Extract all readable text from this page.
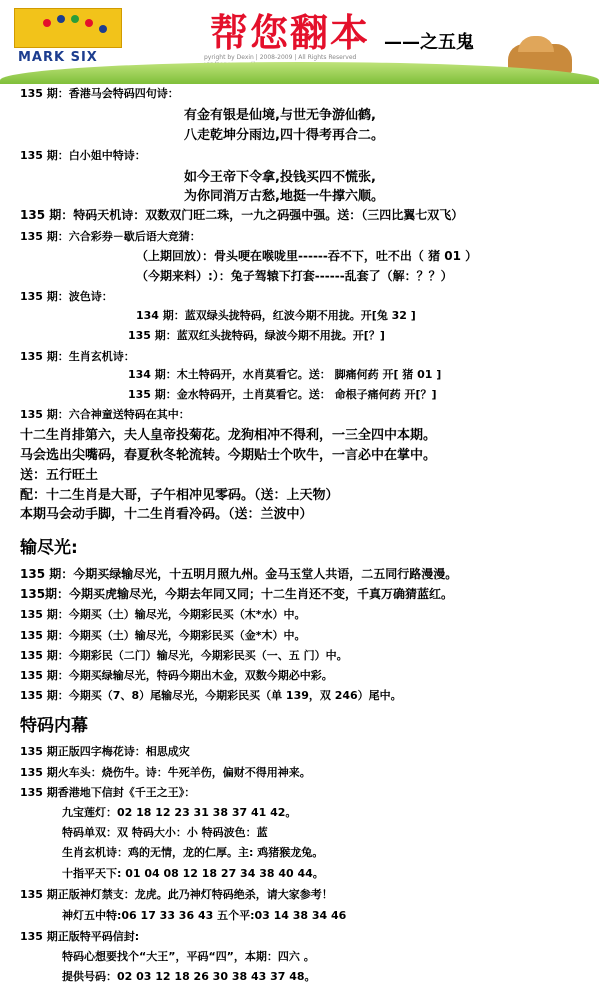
MARK SIX
帮您翻本 ——之五鬼
pyright by Dexin | 2008-2009 | All Rights Reserved
135 期：香港马会特码四句诗：
有金有银是仙境,与世无争游仙鹤,
八走乾坤分雨边,四十得考再合二。
135 期：白小姐中特诗：
如今王帝下令拿,投钱买四不慌张,
为你同消万古愁,地挺一牛撑六顺。
135 期：特码天机诗：双数双门旺二珠，一九之码强中强。送：（三四比翼七双飞）
135 期：六合彩券－歇后语大竞猜：
（上期回放）：骨头哽在喉咙里------吞不下，吐不出（ 猪 01 ）
（今期来料）:）：兔子驾辕下打套------乱套了（解：？？）
135 期：波色诗：
134 期：蓝双绿头拢特码，红波今期不用拢。开[兔 32 ]
135 期：蓝双红头拢特码，绿波今期不用拢。开[？]
135 期：生肖玄机诗：
134 期：木土特码开，水肖莫看它。送： 脚痛何药 开[ 猪 01 ]
135 期：金水特码开，土肖莫看它。送： 命根子痛何药 开[？]
135 期：六合神童送特码在其中：
十二生肖排第六，夫人皇帝投菊花。龙狗相冲不得利，一三全四中本期。
马会选出尖嘴码，春夏秋冬轮流转。今期贴士个吹牛，一言必中在掌中。
送：五行旺土
配：十二生肖是大哥，子午相冲见零码。（送：上天物）
本期马会动手脚，十二生肖看冷码。（送：兰波中）
输尽光:
135 期：今期买绿输尽光，十五明月照九州。金马玉堂人共语，二五同行路漫漫。
135期：今期买虎输尽光，今期去年同又同；十二生肖还不变，千真万确猜蓝红。
135 期：今期买（土）输尽光，今期彩民买（木*水）中。
135 期：今期买（土）输尽光，今期彩民买（金*木）中。
135 期：今期彩民（二门）输尽光，今期彩民买（一、五 门）中。
135 期：今期买绿输尽光，特码今期出木金，双数今期必中彩。
135 期：今期买（7、8）尾输尽光，今期彩民买（单 139，双 246）尾中。
特码内幕
135 期正版四字梅花诗：相思成灾
135 期火车头：烧伤牛。诗：牛死羊伤，偏财不得用神来。
135 期香港地下信封《千王之王》：
九宝莲灯：02 18 12 23 31 38 37 41 42。
特码单双：双 特码大小：小 特码波色：蓝
生肖玄机诗：鸡的无情，龙的仁厚。主: 鸡猪猴龙兔。
十指平天下: 01 04 08 12 18 27 34 38 40 44。
135 期正版神灯禁支：龙虎。此乃神灯特码绝杀，请大家参考！
神灯五中特:06 17 33 36 43 五个平:03 14 38 34 46
135 期正版特平码信封:
特码心想要找个“大王”，平码“四”，本期：四六 。
提供号码：02 03 12 18 26 30 38 43 37 48。
